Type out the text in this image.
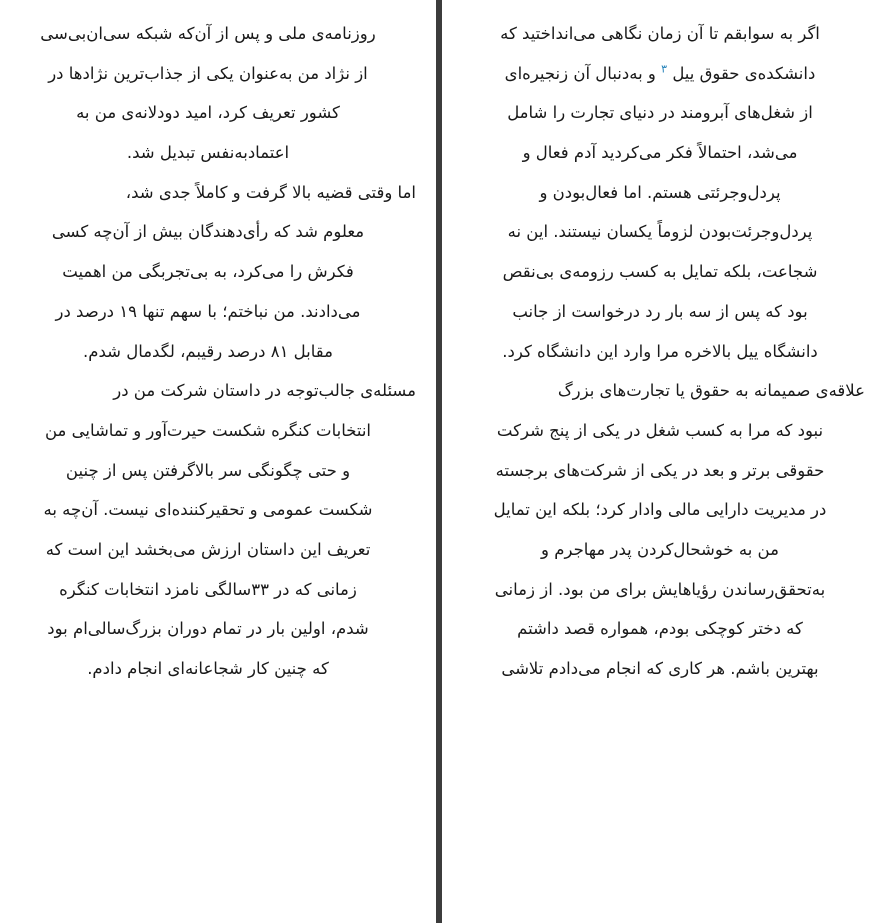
روزنامه‌ی ملی و پس از آن‌که شبکه سی‌ان‌بی‌سی
از نژاد من به‌عنوان یکی از جذاب‌ترین نژادها در
کشور تعریف کرد، امید دودلانه‌ی من به
اعتمادبه‌نفس تبدیل شد.
اما وقتی قضیه بالا گرفت و کاملاً جدی شد،
معلوم شد که رأی‌دهندگان بیش از آن‌چه کسی
فکرش را می‌کرد، به بی‌تجربگی من اهمیت
می‌دادند. من نباختم؛ با سهم تنها ۱۹ درصد در
مقابل ۸۱ درصد رقیبم، لگدمال شدم.
مسئله‌ی جالب‌توجه در داستان شرکت من در
انتخابات کنگره شکست حیرت‌آور و تماشایی من
و حتی چگونگی سر بالاگرفتن پس از چنین
شکست عمومی و تحقیرکننده‌ای نیست. آن‌چه به
تعریف این داستان ارزش می‌بخشد این است که
زمانی که در ۳۳سالگی نامزد انتخابات کنگره
شدم، اولین بار در تمام دوران بزرگ‌سالی‌ام بود
که چنین کار شجاعانه‌ای انجام دادم.
اگر به سوابقم تا آن زمان نگاهی می‌انداختید که
دانشکده‌ی حقوق ییل $^۳$ و به‌دنبال آن زنجیره‌ای
از شغل‌های آبرومند در دنیای تجارت را شامل
می‌شد، احتمالاً فکر می‌کردید آدم فعال و
پردل‌وجرئتی هستم. اما فعال‌بودن و
پردل‌وجرئت‌بودن لزوماً یکسان نیستند. این نه
شجاعت، بلکه تمایل به کسب رزومه‌ی بی‌نقص
بود که پس از سه بار رد درخواست از جانب
دانشگاه ییل بالاخره مرا وارد این دانشگاه کرد.
علاقه‌ی صمیمانه به حقوق یا تجارت‌های بزرگ
نبود که مرا به کسب شغل در یکی از پنج شرکت
حقوقی برتر و بعد در یکی از شرکت‌های برجسته
در مدیریت دارایی مالی وادار کرد؛ بلکه این تمایل
من به خوشحال‌کردن پدر مهاجرم و
به‌تحقق‌رساندن رؤیاهایش برای من بود. از زمانی
که دختر کوچکی بودم، همواره قصد داشتم
بهترین باشم. هر کاری که انجام می‌دادم تلاشی
